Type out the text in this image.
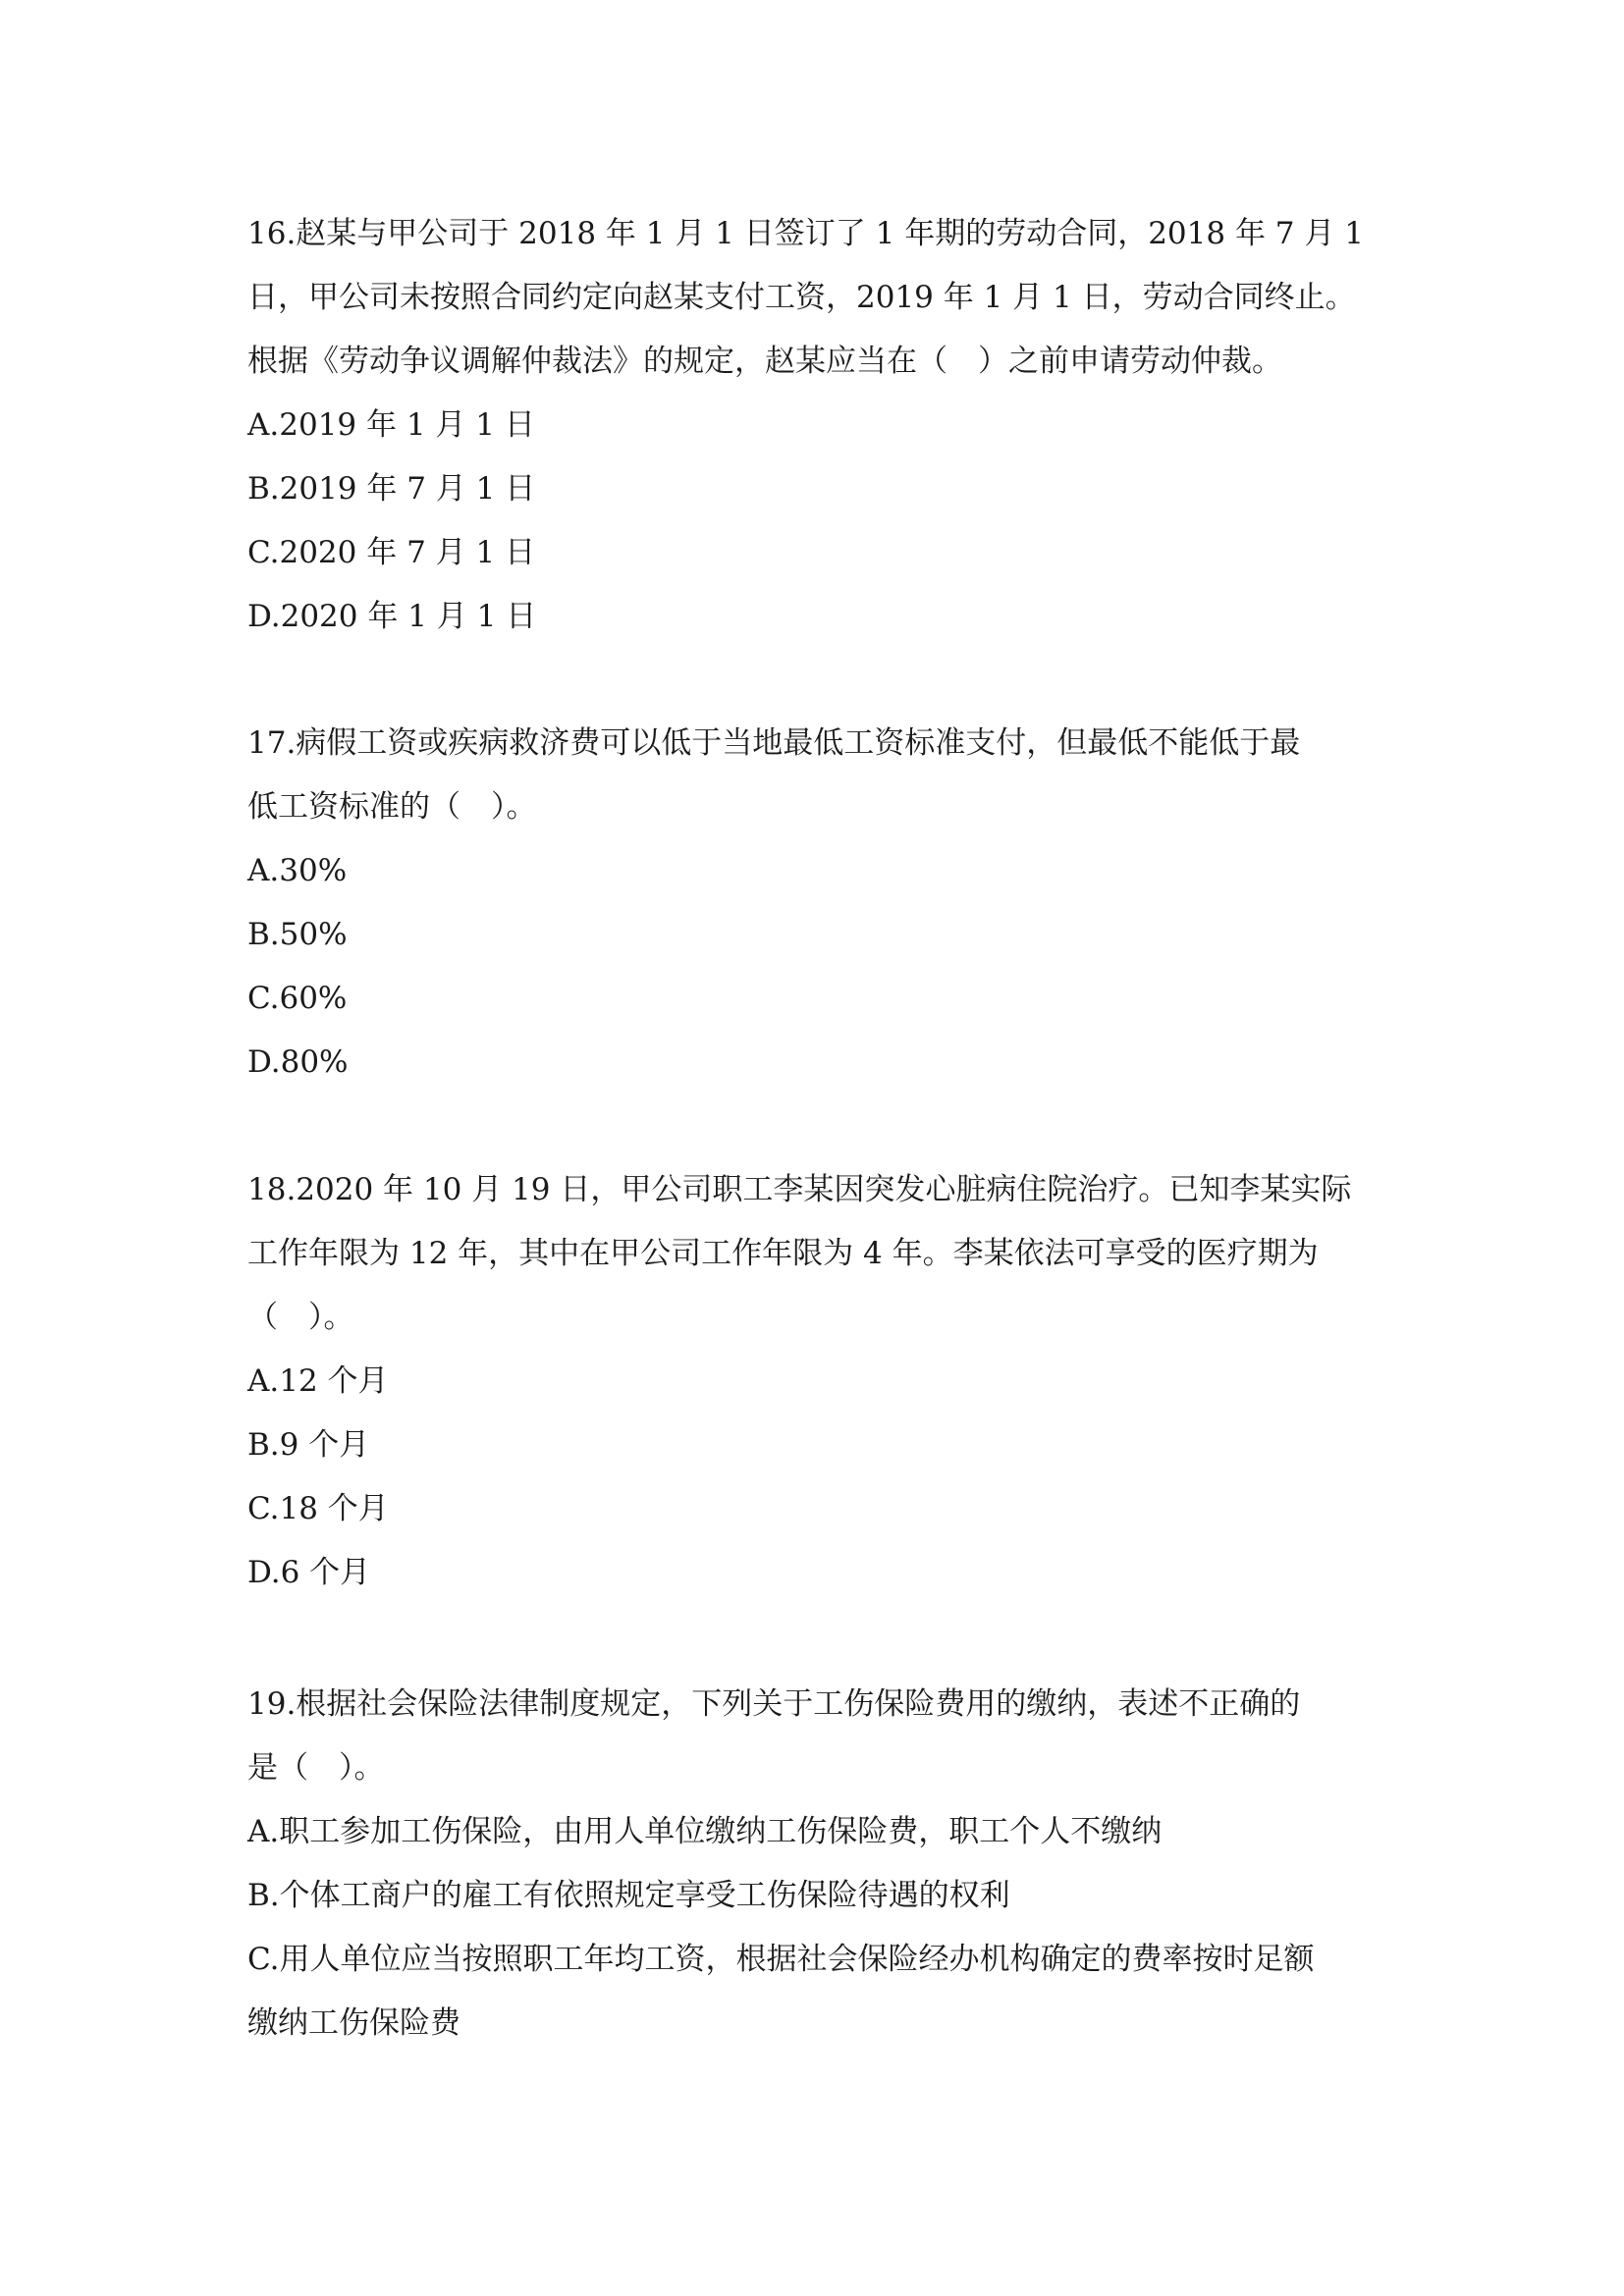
16.赵某与甲公司于 2018 年 1 月 1 日签订了 1 年期的劳动合同，2018 年 7 月 1
日，甲公司未按照合同约定向赵某支付工资，2019 年 1 月 1 日，劳动合同终止。
根据《劳动争议调解仲裁法》的规定，赵某应当在（　）之前申请劳动仲裁。

A.2019 年 1 月 1 日

B.2019 年 7 月 1 日

C.2020 年 7 月 1 日

D.2020 年 1 月 1 日

17.病假工资或疾病救济费可以低于当地最低工资标准支付，但最低不能低于最
低工资标准的（　）。

A.30%

B.50%

C.60%

D.80%

18.2020 年 10 月 19 日，甲公司职工李某因突发心脏病住院治疗。已知李某实际
工作年限为 12 年，其中在甲公司工作年限为 4 年。李某依法可享受的医疗期为
（　）。

A.12 个月

B.9 个月

C.18 个月

D.6 个月

19.根据社会保险法律制度规定，下列关于工伤保险费用的缴纳，表述不正确的
是（　）。

A.职工参加工伤保险，由用人单位缴纳工伤保险费，职工个人不缴纳

B.个体工商户的雇工有依照规定享受工伤保险待遇的权利

C.用人单位应当按照职工年均工资，根据社会保险经办机构确定的费率按时足额
缴纳工伤保险费
